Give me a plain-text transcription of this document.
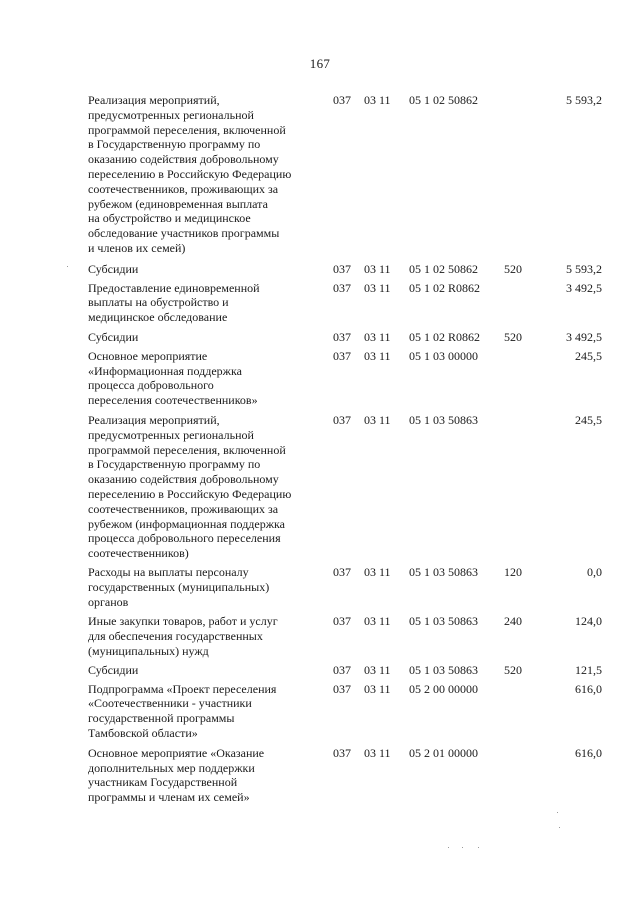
167
Реализация мероприятий,
предусмотренных региональной
программой переселения, включенной
в Государственную программу по
оказанию содействия добровольному
переселению в Российскую Федерацию
соотечественников, проживающих за
рубежом (единовременная выплата
на обустройство и медицинское
обследование участников программы
и членов их семей)
037 03 11 05 1 02 50862	5 593,2
Субсидии	037 03 11 05 1 02 50862 520	5 593,2
Предоставление единовременной
выплаты на обустройство и
медицинское обследование
037 03 11 05 1 02 R0862	3 492,5
Субсидии	037 03 11 05 1 02 R0862 520	3 492,5
Основное мероприятие
«Информационная поддержка
процесса добровольного
переселения соотечественников»
037 03 11 05 1 03 00000	245,5
Реализация мероприятий,
предусмотренных региональной
программой переселения, включенной
в Государственную программу по
оказанию содействия добровольному
переселению в Российскую Федерацию
соотечественников, проживающих за
рубежом (информационная поддержка
процесса добровольного переселения
соотечественников)
037 03 11 05 1 03 50863	245,5
Расходы на выплаты персоналу
государственных (муниципальных)
органов
037 03 11 05 1 03 50863 120	0,0
Иные закупки товаров, работ и услуг
для обеспечения государственных
(муниципальных) нужд
037 03 11 05 1 03 50863 240	124,0
Субсидии	037 03 11 05 1 03 50863 520	121,5
Подпрограмма «Проект переселения
«Соотечественники - участники
государственной программы
Тамбовской области»
037 03 11 05 2 00 00000	616,0
Основное мероприятие «Оказание
дополнительных мер поддержки
участникам Государственной
программы и членам их семей»
037 03 11 05 2 01 00000	616,0
